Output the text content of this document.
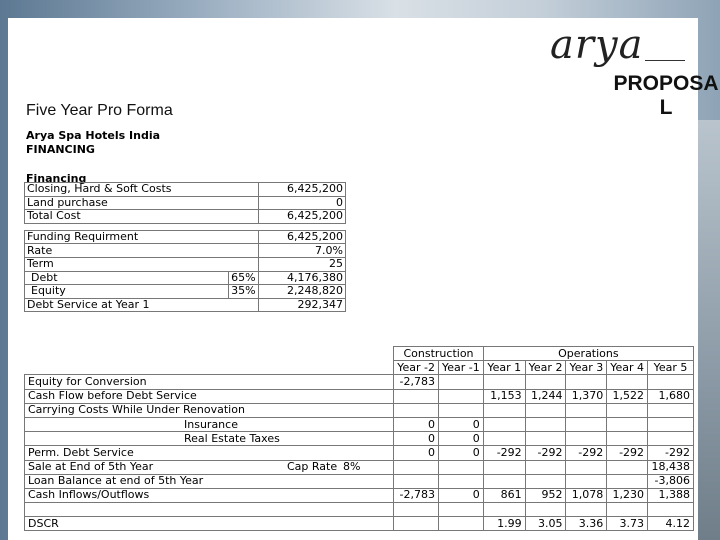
arya
PROPOSAL
Five Year Pro Forma
Arya Spa Hotels India
FINANCING
Financing
Closing, Hard & Soft Costs		6,425,200
Land purchase		0
Total Cost		6,425,200

Funding Requirment		6,425,200
Rate		7.0%
Term		25
Debt	65%	4,176,380
Equity	35%	2,248,820
Debt Service at Year 1		292,347
	Construction		Operations				
	Year -2	Year -1	Year 1	Year 2	Year 3	Year 4	Year 5
Equity for Conversion	-2,783						
Cash Flow before Debt Service			1,153	1,244	1,370	1,522	1,680
Carrying Costs While Under Renovation							
Insurance	0	0					
Real Estate Taxes	0	0					
Perm. Debt Service	0	0	-292	-292	-292	-292	-292
Sale at End of 5th Year Cap Rate 8%							18,438
Loan Balance at end of 5th Year							-3,806
Cash Inflows/Outflows	-2,783	0	861	952	1,078	1,230	1,388

DSCR			1.99	3.05	3.36	3.73	4.12
